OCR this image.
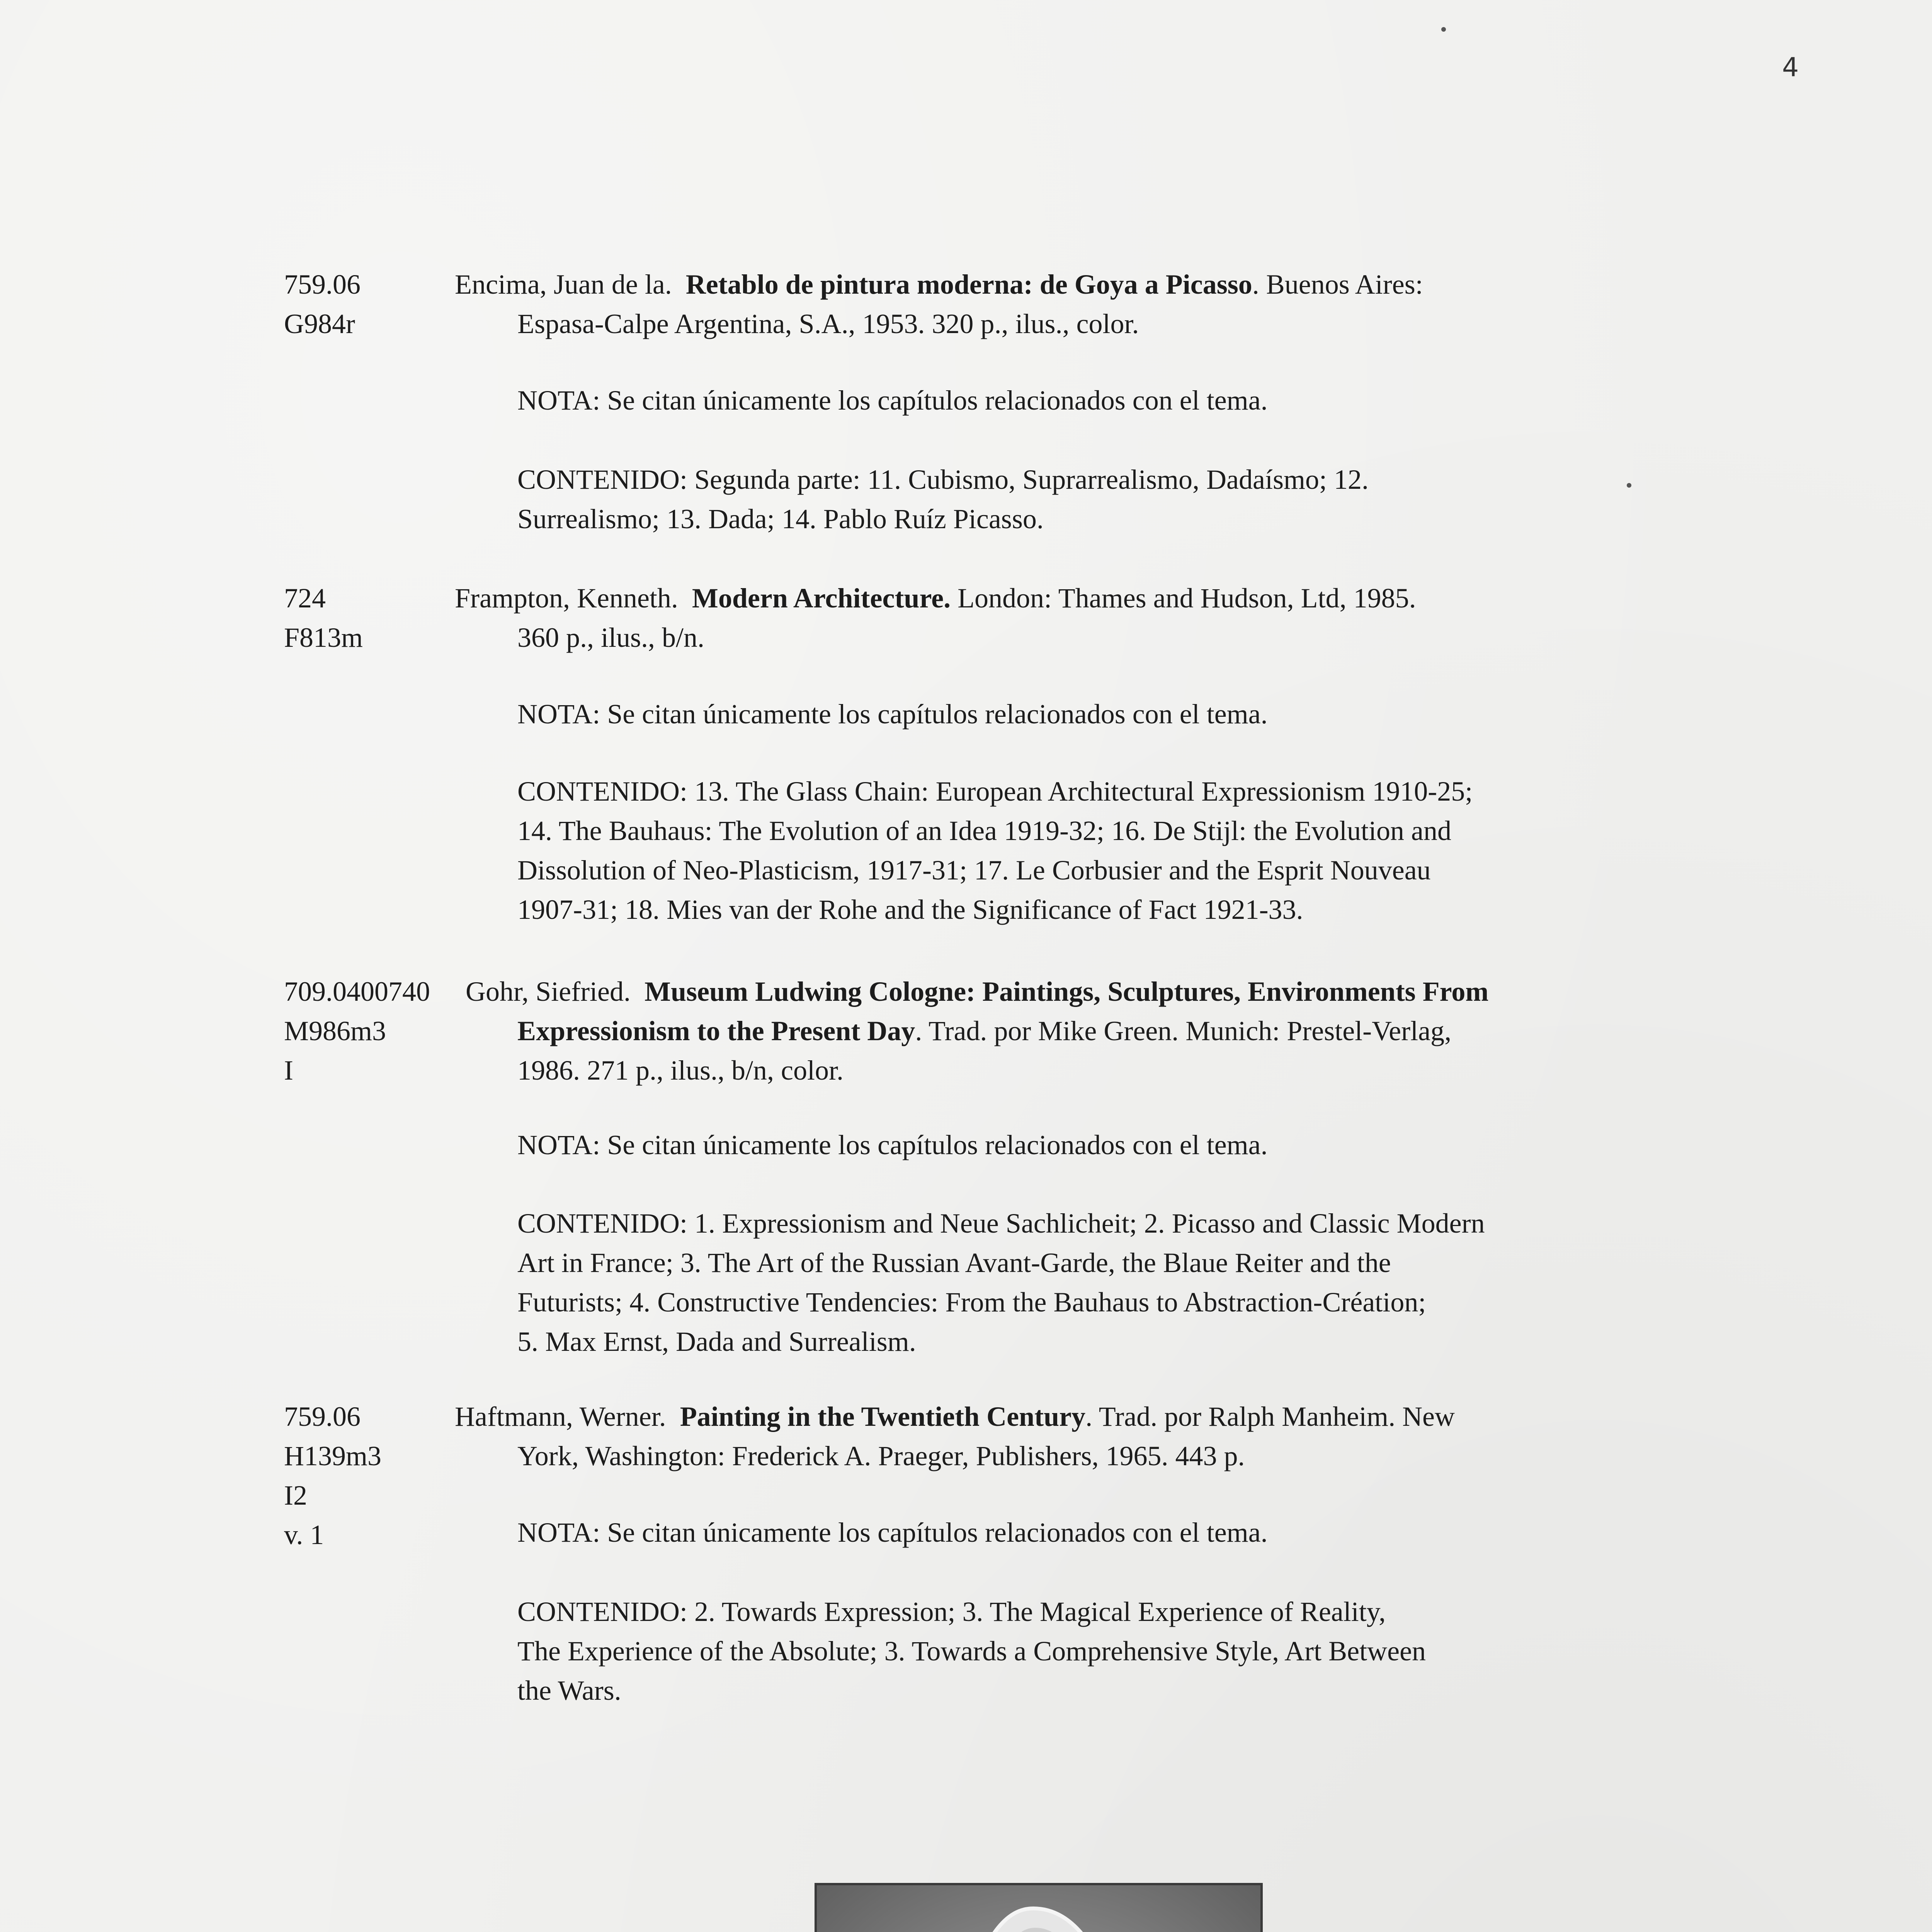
4
759.06
G984r
Encima, Juan de la. Retablo de pintura moderna: de Goya a Picasso. Buenos Aires:
Espasa-Calpe Argentina, S.A., 1953. 320 p., ilus., color.
NOTA: Se citan únicamente los capítulos relacionados con el tema.
CONTENIDO: Segunda parte: 11. Cubismo, Suprarrealismo, Dadaísmo; 12.
Surrealismo; 13. Dada; 14. Pablo Ruíz Picasso.
724
F813m
Frampton, Kenneth. Modern Architecture. London: Thames and Hudson, Ltd, 1985.
360 p., ilus., b/n.
NOTA: Se citan únicamente los capítulos relacionados con el tema.
CONTENIDO: 13. The Glass Chain: European Architectural Expressionism 1910-25;
14. The Bauhaus: The Evolution of an Idea 1919-32; 16. De Stijl: the Evolution and
Dissolution of Neo-Plasticism, 1917-31; 17. Le Corbusier and the Esprit Nouveau
1907-31; 18. Mies van der Rohe and the Significance of Fact 1921-33.
709.0400740
M986m3
I
Gohr, Siefried. Museum Ludwing Cologne: Paintings, Sculptures, Environments From
Expressionism to the Present Day. Trad. por Mike Green. Munich: Prestel-Verlag,
1986. 271 p., ilus., b/n, color.
NOTA: Se citan únicamente los capítulos relacionados con el tema.
CONTENIDO: 1. Expressionism and Neue Sachlicheit; 2. Picasso and Classic Modern
Art in France; 3. The Art of the Russian Avant-Garde, the Blaue Reiter and the
Futurists; 4. Constructive Tendencies: From the Bauhaus to Abstraction-Création;
5. Max Ernst, Dada and Surrealism.
759.06
H139m3
I2
v. 1
Haftmann, Werner. Painting in the Twentieth Century. Trad. por Ralph Manheim. New
York, Washington: Frederick A. Praeger, Publishers, 1965. 443 p.
NOTA: Se citan únicamente los capítulos relacionados con el tema.
CONTENIDO: 2. Towards Expression; 3. The Magical Experience of Reality,
The Experience of the Absolute; 3. Towards a Comprehensive Style, Art Between
the Wars.
